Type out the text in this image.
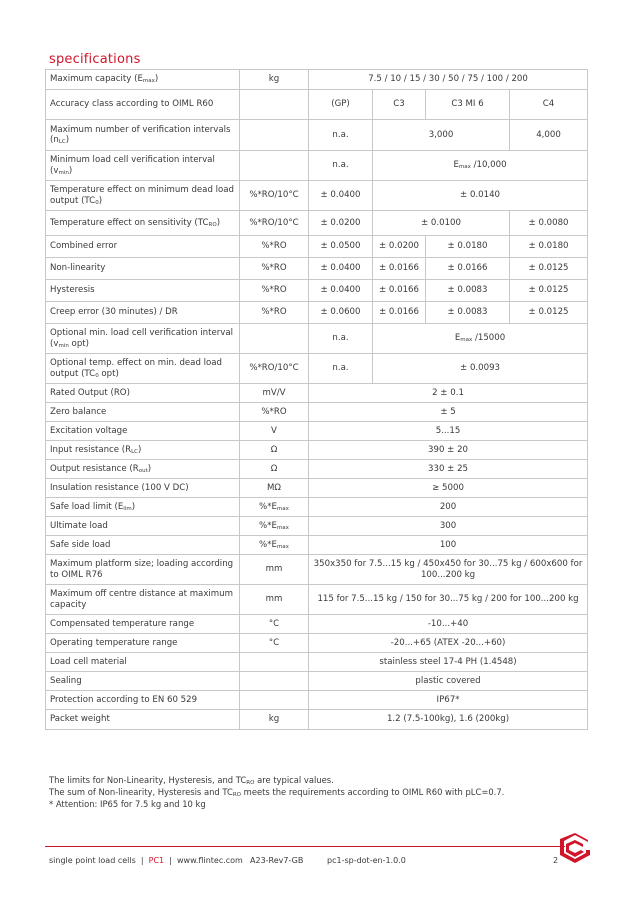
specifications
Maximum capacity $(E_{max})$	kg	7.5 / 10 / 15 / 30 / 50 / 75 / 100 / 200			
Accuracy class according to OIML R60		(GP)	C3	C3 MI 6	C4
Maximum number of verification intervals $(n_{LC})$		n.a.	3,000		4,000
Minimum load cell verification interval $(v_{min})$		n.a.	$E_{max}$ /10,000		
Temperature effect on minimum dead load output $(TC_0)$	%*RO/10°C	± 0.0400	± 0.0140		
Temperature effect on sensitivity $(TC_{RO})$	%*RO/10°C	± 0.0200	± 0.0100		± 0.0080
Combined error	%*RO	± 0.0500	± 0.0200	± 0.0180	± 0.0180
Non-linearity	%*RO	± 0.0400	± 0.0166	± 0.0166	± 0.0125
Hysteresis	%*RO	± 0.0400	± 0.0166	± 0.0083	± 0.0125
Creep error (30 minutes) / DR	%*RO	± 0.0600	± 0.0166	± 0.0083	± 0.0125
Optional min. load cell verification interval ($v_{min}$ opt)		n.a.	$E_{max}$ /15000		
Optional temp. effect on min. dead load output ($TC_0$ opt)	%*RO/10°C	n.a.	± 0.0093		
Rated Output (RO)	mV/V	2 ± 0.1			
Zero balance	%*RO	± 5			
Excitation voltage	V	5...15			
Input resistance $(R_{LC})$	Ω	390 ± 20			
Output resistance $(R_{out})$	Ω	330 ± 25			
Insulation resistance (100 V DC)	MΩ	≥ 5000			
Safe load limit $(E_{lim})$	$\%*E_{max}$	200			
Ultimate load	$\%*E_{max}$	300			
Safe side load	$\%*E_{max}$	100			
Maximum platform size; loading according to OIML R76	mm	350x350 for 7.5...15 kg / 450x450 for 30...75 kg / 600x600 for 100...200 kg			
Maximum off centre distance at maximum capacity	mm	115 for 7.5...15 kg / 150 for 30...75 kg / 200 for 100...200 kg			
Compensated temperature range	°C	-10...+40			
Operating temperature range	°C	-20...+65 (ATEX -20...+60)			
Load cell material		stainless steel 17-4 PH (1.4548)			
Sealing		plastic covered			
Protection according to EN 60 529		IP67*			
Packet weight	kg	1.2 (7.5-100kg), 1.6 (200kg)			
The limits for Non-Linearity, Hysteresis, and $TC_{RO}$ are typical values.
The sum of Non-linearity, Hysteresis and $TC_{RO}$ meets the requirements according to OIML R60 with pLC=0.7.
* Attention: IP65 for 7.5 kg and 10 kg
single point load cells  |  PC1  |  www.flintec.com A23-Rev7-GB	pc1-sp-dot-en-1.0.0	2
